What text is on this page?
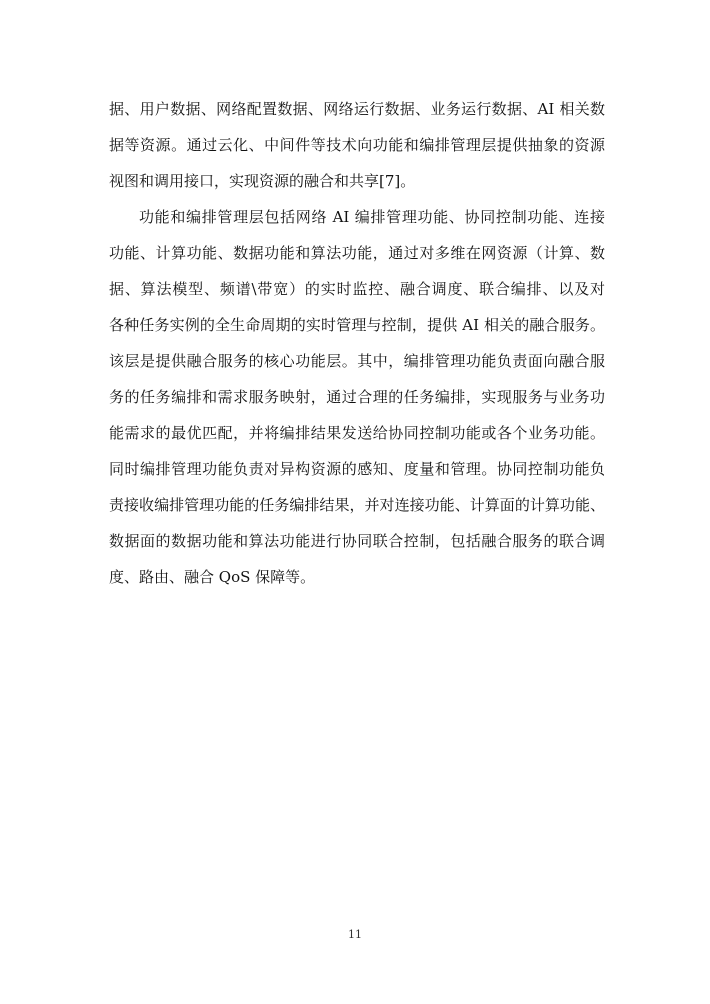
据、用户数据、网络配置数据、网络运行数据、业务运行数据、AI 相关数
据等资源。通过云化、中间件等技术向功能和编排管理层提供抽象的资源
视图和调用接口，实现资源的融合和共享[7]。
功能和编排管理层包括网络 AI 编排管理功能、协同控制功能、连接
功能、计算功能、数据功能和算法功能，通过对多维在网资源（计算、数
据、算法模型、频谱\带宽）的实时监控、融合调度、联合编排、以及对
各种任务实例的全生命周期的实时管理与控制，提供 AI 相关的融合服务。
该层是提供融合服务的核心功能层。其中，编排管理功能负责面向融合服
务的任务编排和需求服务映射，通过合理的任务编排，实现服务与业务功
能需求的最优匹配，并将编排结果发送给协同控制功能或各个业务功能。
同时编排管理功能负责对异构资源的感知、度量和管理。协同控制功能负
责接收编排管理功能的任务编排结果，并对连接功能、计算面的计算功能、
数据面的数据功能和算法功能进行协同联合控制，包括融合服务的联合调
度、路由、融合 QoS 保障等。
11
